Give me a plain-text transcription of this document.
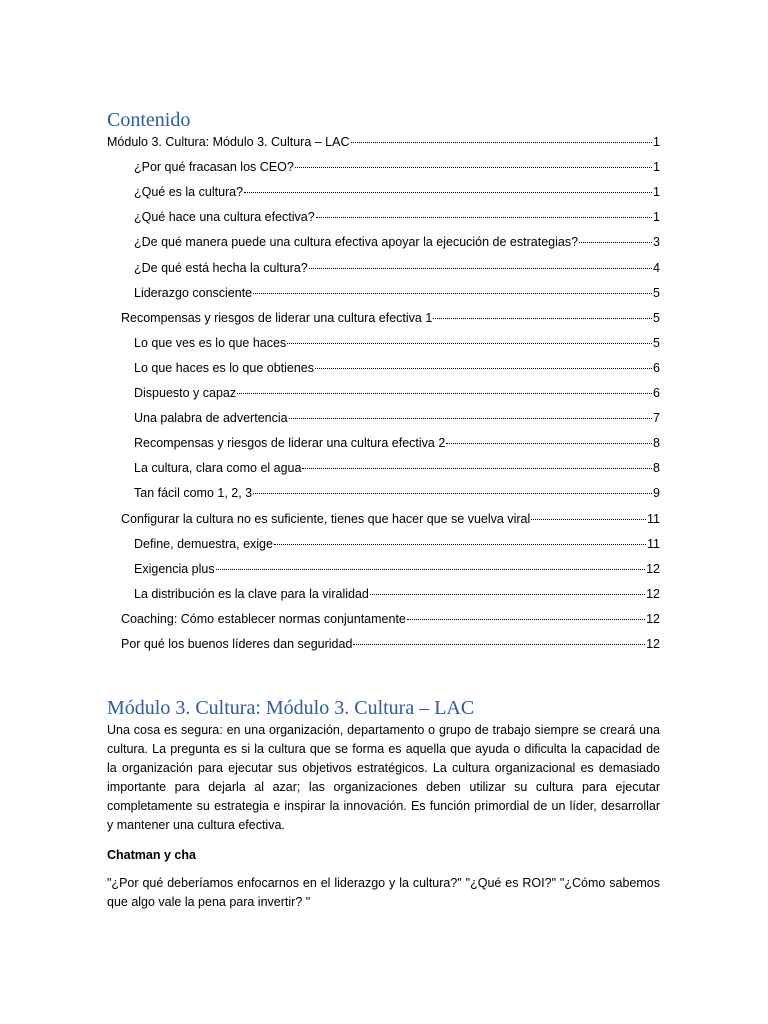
Contenido
Módulo 3. Cultura: Módulo 3. Cultura – LAC	1
¿Por qué fracasan los CEO?	1
¿Qué es la cultura?	1
¿Qué hace una cultura efectiva?	1
¿De qué manera puede una cultura efectiva apoyar la ejecución de estrategias?	3
¿De qué está hecha la cultura?	4
Liderazgo consciente	5
Recompensas y riesgos de liderar una cultura efectiva 1	5
Lo que ves es lo que haces	5
Lo que haces es lo que obtienes	6
Dispuesto y capaz	6
Una palabra de advertencia	7
Recompensas y riesgos de liderar una cultura efectiva 2	8
La cultura, clara como el agua	8
Tan fácil como 1, 2, 3	9
Configurar la cultura no es suficiente, tienes que hacer que se vuelva viral	11
Define, demuestra, exige	11
Exigencia plus	12
La distribución es la clave para la viralidad	12
Coaching: Cómo establecer normas conjuntamente	12
Por qué los buenos líderes dan seguridad	12
Módulo 3. Cultura: Módulo 3. Cultura – LAC

Una cosa es segura: en una organización, departamento o grupo de trabajo siempre se creará una cultura. La pregunta es si la cultura que se forma es aquella que ayuda o dificulta la capacidad de la organización para ejecutar sus objetivos estratégicos. La cultura organizacional es demasiado importante para dejarla al azar; las organizaciones deben utilizar su cultura para ejecutar completamente su estrategia e inspirar la innovación. Es función primordial de un líder, desarrollar y mantener una cultura efectiva.

Chatman y cha

"¿Por qué deberíamos enfocarnos en el liderazgo y la cultura?" "¿Qué es ROI?" "¿Cómo sabemos que algo vale la pena para invertir? "
